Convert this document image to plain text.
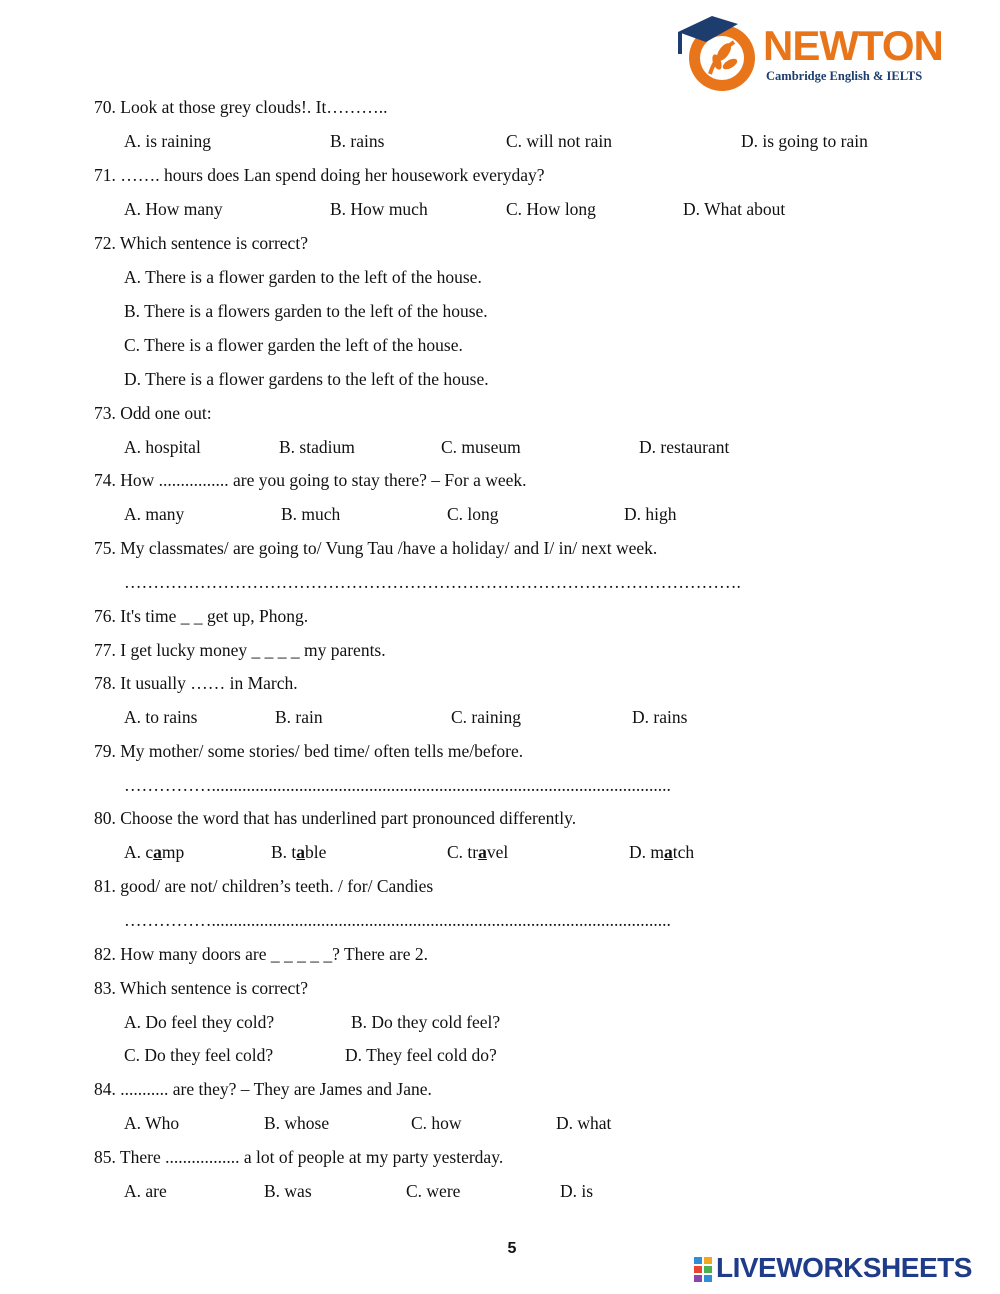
NEWTON
Cambridge English & IELTS
70. Look at those grey clouds!. It………..
A. is raining	B. rains	C. will not rain	D. is going to rain
71. ……. hours does Lan spend doing her housework everyday?
A. How many	B. How much	C. How long	D. What about
72. Which sentence is correct?
A. There is a flower garden to the left of the house.
B. There is a flowers garden to the left of the house.
C. There is a flower garden the left of the house.
D. There is a flower gardens to the left of the house.
73. Odd one out:
A. hospital	B. stadium	C. museum	D. restaurant
74. How ................ are you going to stay there? – For a week.
A. many	B. much	C. long	D. high
75. My classmates/ are going to/ Vung Tau /have a holiday/ and I/ in/ next week.
…………………………………………………………………………………………….
76. It's time _ _ get up, Phong.
77. I get lucky money _ _ _ _ my parents.
78. It usually …… in March.
A. to rains	B. rain	C. raining	D. rains
79. My mother/ some stories/ bed time/ often tells me/before.
…………….........................................................................................................
80. Choose the word that has underlined part pronounced differently.
A. camp	B. table	C. travel	D. match
81. good/ are not/ children’s teeth. / for/ Candies
…………….........................................................................................................
82. How many doors are _ _ _ _ _? There are 2.
83. Which sentence is correct?
A. Do feel they cold?	B. Do they cold feel?
C. Do they feel cold?	D. They feel cold do?
84. ........... are they? – They are James and Jane.
A. Who	B. whose	C. how	D. what
85. There ................. a lot of people at my party yesterday.
A. are	B. was	C. were	D. is
5
LIVEWORKSHEETS
